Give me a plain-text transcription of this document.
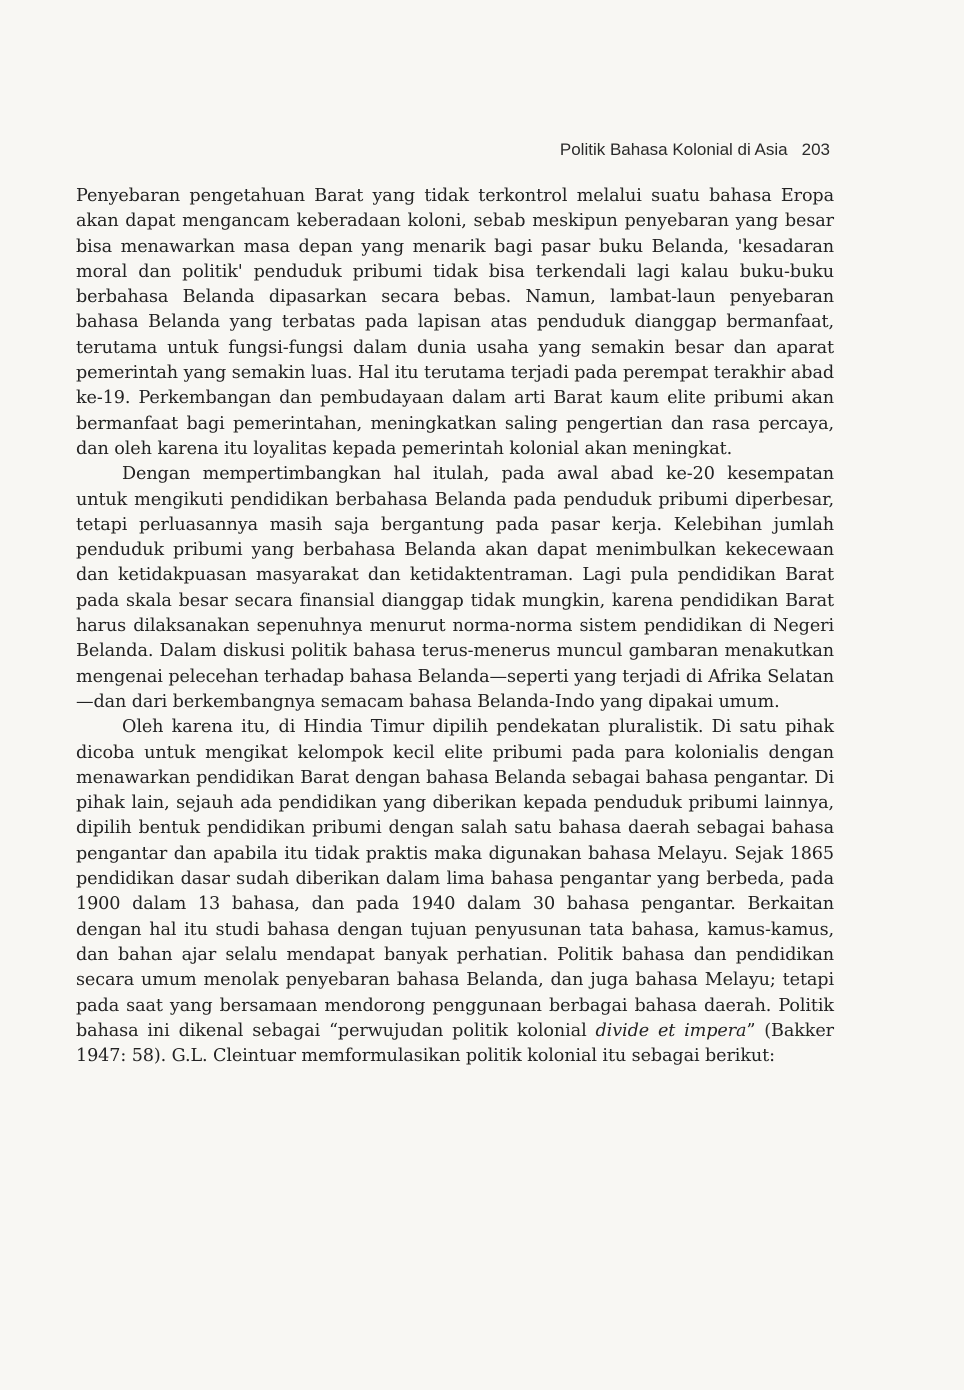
Politik Bahasa Kolonial di Asia 203

Penyebaran pengetahuan Barat yang tidak terkontrol melalui suatu bahasa Eropa akan dapat mengancam keberadaan koloni, sebab meskipun penyebaran yang besar bisa menawarkan masa depan yang menarik bagi pasar buku Belanda, 'kesadaran moral dan politik' penduduk pribumi tidak bisa terkendali lagi kalau buku-buku berbahasa Belanda dipasarkan secara bebas. Namun, lambat-laun penyebaran bahasa Belanda yang terbatas pada lapisan atas penduduk dianggap bermanfaat, terutama untuk fungsi-fungsi dalam dunia usaha yang semakin besar dan aparat pemerintah yang semakin luas. Hal itu terutama terjadi pada perempat terakhir abad ke-19. Perkembangan dan pembudayaan dalam arti Barat kaum elite pribumi akan bermanfaat bagi pemerintahan, meningkatkan saling pengertian dan rasa percaya, dan oleh karena itu loyalitas kepada pemerintah kolonial akan meningkat.

Dengan mempertimbangkan hal itulah, pada awal abad ke-20 kesempatan untuk mengikuti pendidikan berbahasa Belanda pada penduduk pribumi diperbesar, tetapi perluasannya masih saja bergantung pada pasar kerja. Kelebihan jumlah penduduk pribumi yang berbahasa Belanda akan dapat menimbulkan kekecewaan dan ketidakpuasan masyarakat dan ketidaktentraman. Lagi pula pendidikan Barat pada skala besar secara finansial dianggap tidak mungkin, karena pendidikan Barat harus dilaksanakan sepenuhnya menurut norma-norma sistem pendidikan di Negeri Belanda. Dalam diskusi politik bahasa terus-menerus muncul gambaran menakutkan mengenai pelecehan terhadap bahasa Belanda—seperti yang terjadi di Afrika Selatan—dan dari berkembangnya semacam bahasa Belanda-Indo yang dipakai umum.

Oleh karena itu, di Hindia Timur dipilih pendekatan pluralistik. Di satu pihak dicoba untuk mengikat kelompok kecil elite pribumi pada para kolonialis dengan menawarkan pendidikan Barat dengan bahasa Belanda sebagai bahasa pengantar. Di pihak lain, sejauh ada pendidikan yang diberikan kepada penduduk pribumi lainnya, dipilih bentuk pendidikan pribumi dengan salah satu bahasa daerah sebagai bahasa pengantar dan apabila itu tidak praktis maka digunakan bahasa Melayu. Sejak 1865 pendidikan dasar sudah diberikan dalam lima bahasa pengantar yang berbeda, pada 1900 dalam 13 bahasa, dan pada 1940 dalam 30 bahasa pengantar. Berkaitan dengan hal itu studi bahasa dengan tujuan penyusunan tata bahasa, kamus-kamus, dan bahan ajar selalu mendapat banyak perhatian. Politik bahasa dan pendidikan secara umum menolak penyebaran bahasa Belanda, dan juga bahasa Melayu; tetapi pada saat yang bersamaan mendorong penggunaan berbagai bahasa daerah. Politik bahasa ini dikenal sebagai “perwujudan politik kolonial divide et impera” (Bakker 1947: 58). G.L. Cleintuar memformulasikan politik kolonial itu sebagai berikut:
